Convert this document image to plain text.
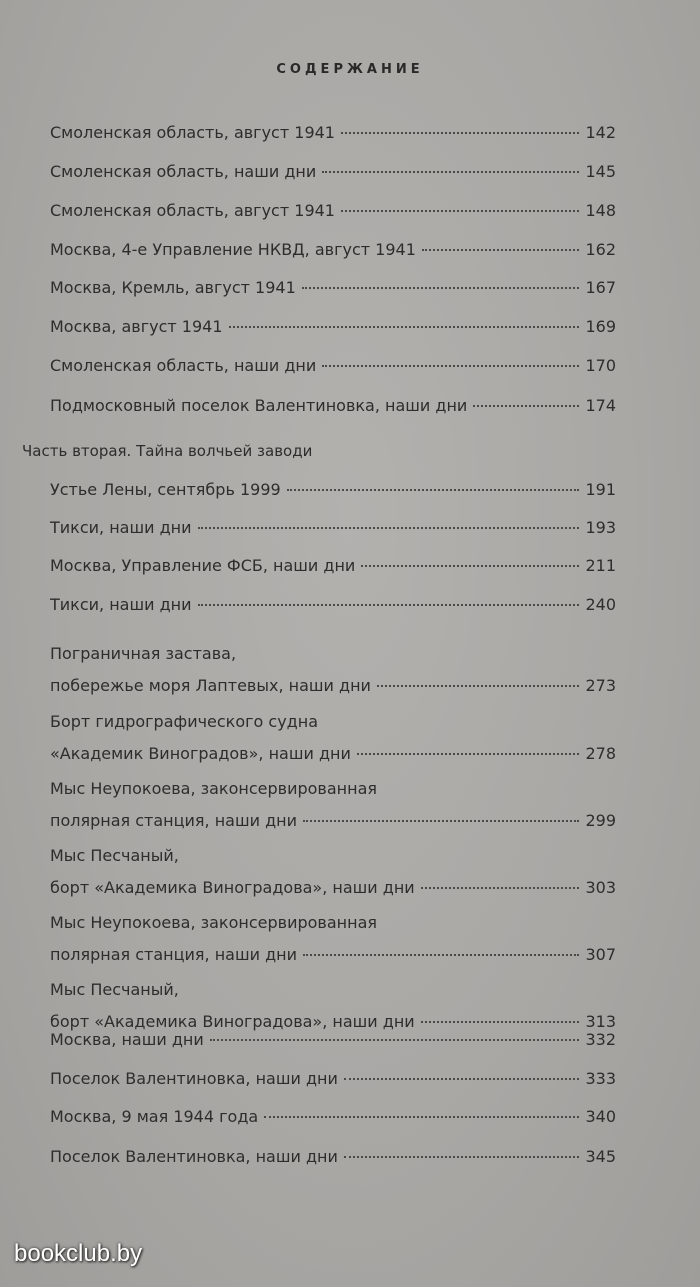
СОДЕРЖАНИЕ
Смоленская область, август 1941	142
Смоленская область, наши дни	145
Смоленская область, август 1941	148
Москва, 4-е Управление НКВД, август 1941	162
Москва, Кремль, август 1941	167
Москва, август 1941	169
Смоленская область, наши дни	170
Подмосковный поселок Валентиновка, наши дни	174
Часть вторая. Тайна волчьей заводи
Устье Лены, сентябрь 1999	191
Тикси, наши дни	193
Москва, Управление ФСБ, наши дни	211
Тикси, наши дни	240
Пограничная застава,
побережье моря Лаптевых, наши дни	273
Борт гидрографического судна
«Академик Виноградов», наши дни	278
Мыс Неупокоева, законсервированная
полярная станция, наши дни	299
Мыс Песчаный,
борт «Академика Виноградова», наши дни	303
Мыс Неупокоева, законсервированная
полярная станция, наши дни	307
Мыс Песчаный,
борт «Академика Виноградова», наши дни	313
Москва, наши дни	332
Поселок Валентиновка, наши дни	333
Москва, 9 мая 1944 года	340
Поселок Валентиновка, наши дни	345
bookclub.by
